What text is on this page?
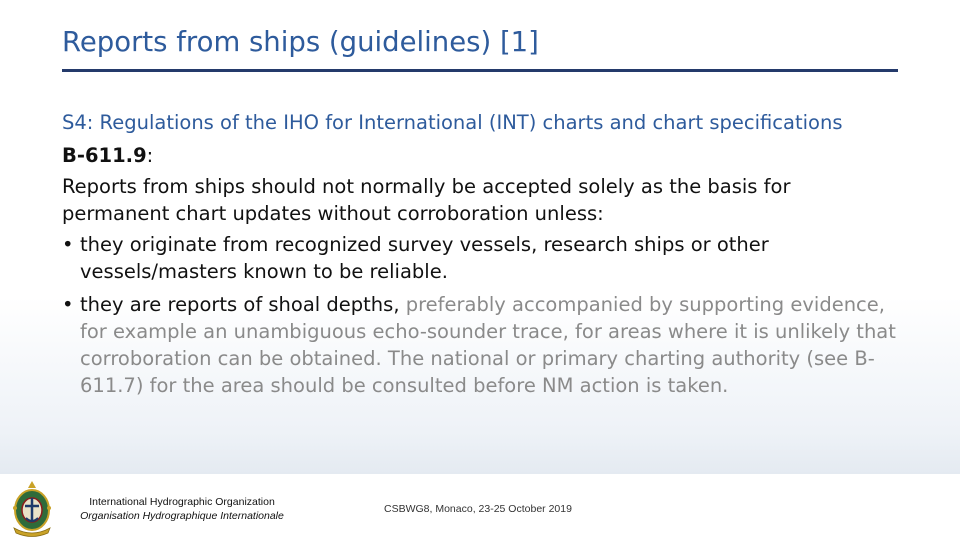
Reports from ships (guidelines) [1]
S4: Regulations of the IHO for International (INT) charts and chart specifications
B-611.9:
Reports from ships should not normally be accepted solely as the basis for permanent chart updates without corroboration unless:
• they originate from recognized survey vessels, research ships or other vessels/masters known to be reliable.
• they are reports of shoal depths, preferably accompanied by supporting evidence, for example an unambiguous echo-sounder trace, for areas where it is unlikely that corroboration can be obtained. The national or primary charting authority (see B-611.7) for the area should be consulted before NM action is taken.
International Hydrographic Organization
Organisation Hydrographique Internationale
CSBWG8, Monaco, 23-25 October 2019
